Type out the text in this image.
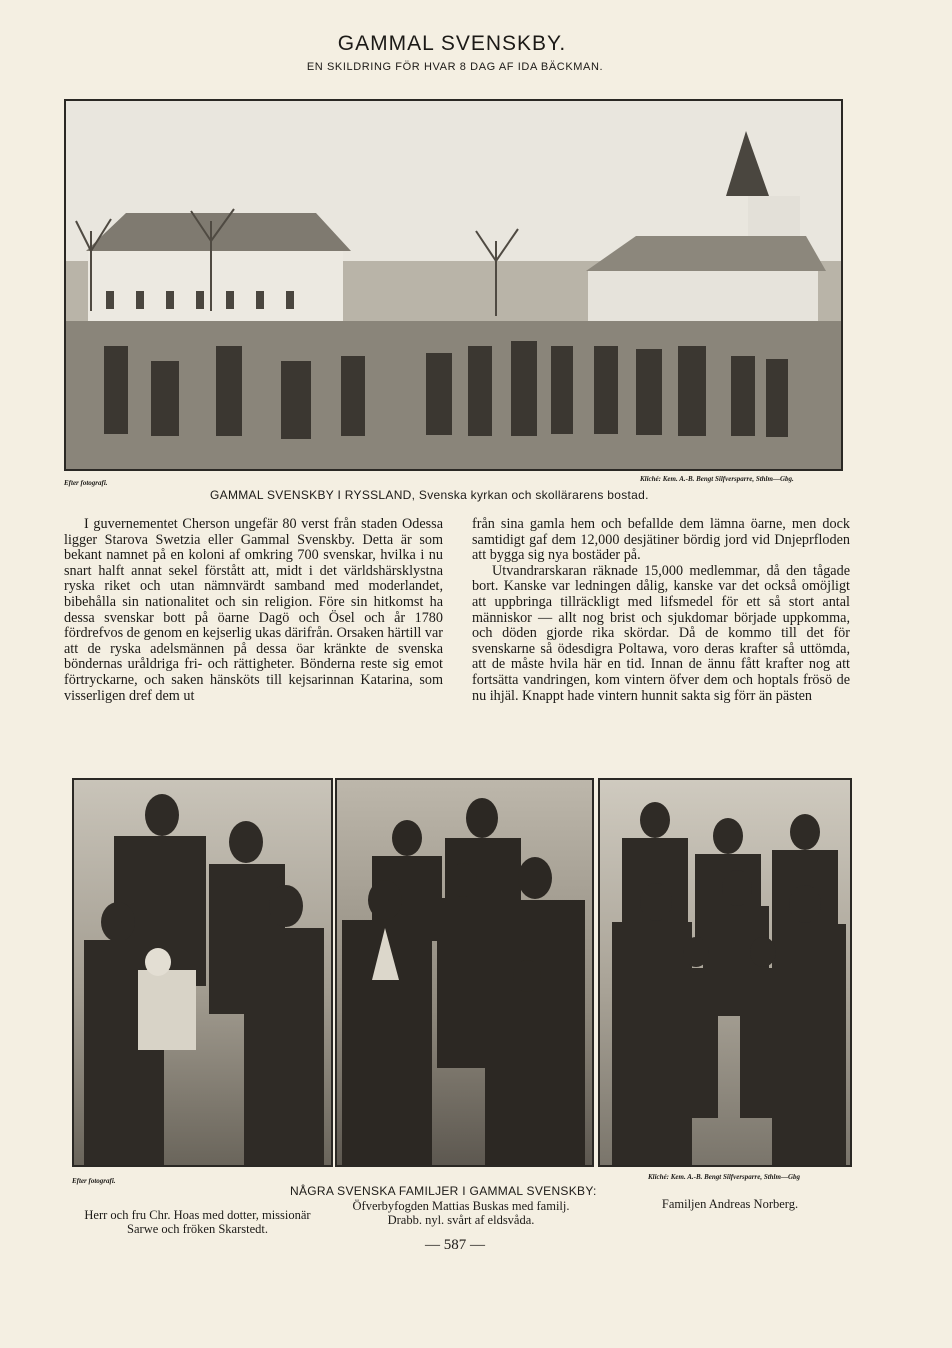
GAMMAL SVENSKBY.
EN SKILDRING FÖR HVAR 8 DAG AF IDA BÄCKMAN.
Efter fotografi.	Kliché: Kem. A.-B. Bengt Silfversparre, Sthlm—Gbg.
GAMMAL SVENSKBY I RYSSLAND, Svenska kyrkan och skollärarens bostad.

I guvernementet Cherson ungefär 80 verst från staden Odessa ligger Starova Swetzia eller Gammal Svenskby. Detta är som bekant namnet på en koloni af omkring 700 svenskar, hvilka i nu snart halft annat sekel förstått att, midt i det världshärsklystna ryska riket och utan nämnvärdt samband med moderlandet, bibehålla sin nationalitet och sin religion. Före sin hitkomst ha dessa svenskar bott på öarne Dagö och Ösel och år 1780 fördrefvos de genom en kejserlig ukas därifrån. Orsaken härtill var att de ryska adelsmännen på dessa öar kränkte de svenska böndernas uråldriga fri- och rättigheter. Bönderna reste sig emot förtryckarne, och saken hänsköts till kejsarinnan Katarina, som visserligen dref dem ut

från sina gamla hem och befallde dem lämna öarne, men dock samtidigt gaf dem 12,000 desjätiner bördig jord vid Dnjeprfloden att bygga sig nya bostäder på.

Utvandrarskaran räknade 15,000 medlemmar, då den tågade bort. Kanske var ledningen dålig, kanske var det också omöjligt att uppbringa tillräckligt med lifsmedel för ett så stort antal människor — allt nog brist och sjukdomar började uppkomma, och döden gjorde rika skördar. Då de kommo till det för svenskarne så ödesdigra Poltawa, voro deras krafter så uttömda, att de måste hvila här en tid. Innan de ännu fått krafter nog att fortsätta vandringen, kom vintern öfver dem och hoptals frösö de nu ihjäl. Knappt hade vintern hunnit sakta sig förr än pästen

Efter fotografi.	Kliché: Kem. A.-B. Bengt Silfversparre, Sthlm—Gbg
NÅGRA SVENSKA FAMILJER I GAMMAL SVENSKBY:
Herr och fru Chr. Hoas med dotter, missionär Sarwe och fröken Skarstedt.
Öfverbyfogden Mattias Buskas med familj. Drabb. nyl. svårt af eldsvåda.
Familjen Andreas Norberg.
— 587 —
